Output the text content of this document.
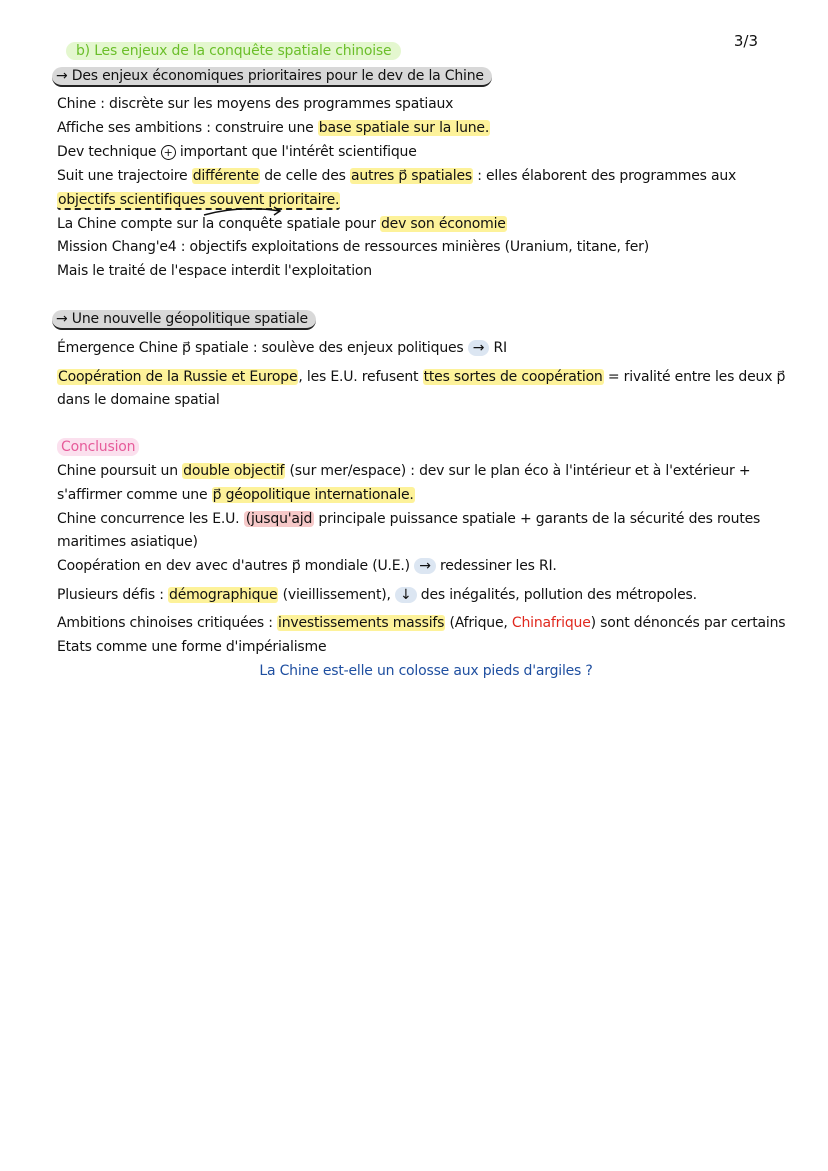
3/3
b) Les enjeux de la conquête spatiale chinoise
→ Des enjeux économiques prioritaires pour le dev de la Chine
Chine : discrète sur les moyens des programmes spatiaux
Affiche ses ambitions : construire une base spatiale sur la lune.
Dev technique + important que l'intérêt scientifique
Suit une trajectoire différente de celle des autres p⃗ spatiales : elles élaborent des programmes aux
objectifs scientifiques souvent prioritaire.
La Chine compte sur la conquête spatiale pour dev son économie
Mission Chang'e4 : objectifs exploitations de ressources minières (Uranium, titane, fer)
Mais le traité de l'espace interdit l'exploitation
→ Une nouvelle géopolitique spatiale
Émergence Chine p⃗ spatiale : soulève des enjeux politiques → RI
Coopération de la Russie et Europe, les E.U. refusent ttes sortes de coopération = rivalité entre les deux p⃗
dans le domaine spatial
Conclusion
Chine poursuit un double objectif (sur mer/espace) : dev sur le plan éco à l'intérieur et à l'extérieur +
s'affirmer comme une p⃗ géopolitique internationale.
Chine concurrence les E.U. (jusqu'ajd principale puissance spatiale + garants de la sécurité des routes
maritimes asiatique)
Coopération en dev avec d'autres p⃗ mondiale (U.E.) → redessiner les RI.
Plusieurs défis : démographique (vieillissement), ↓ des inégalités, pollution des métropoles.
Ambitions chinoises critiquées : investissements massifs (Afrique, Chinafrique) sont dénoncés par certains
Etats comme une forme d'impérialisme
La Chine est-elle un colosse aux pieds d'argiles ?
